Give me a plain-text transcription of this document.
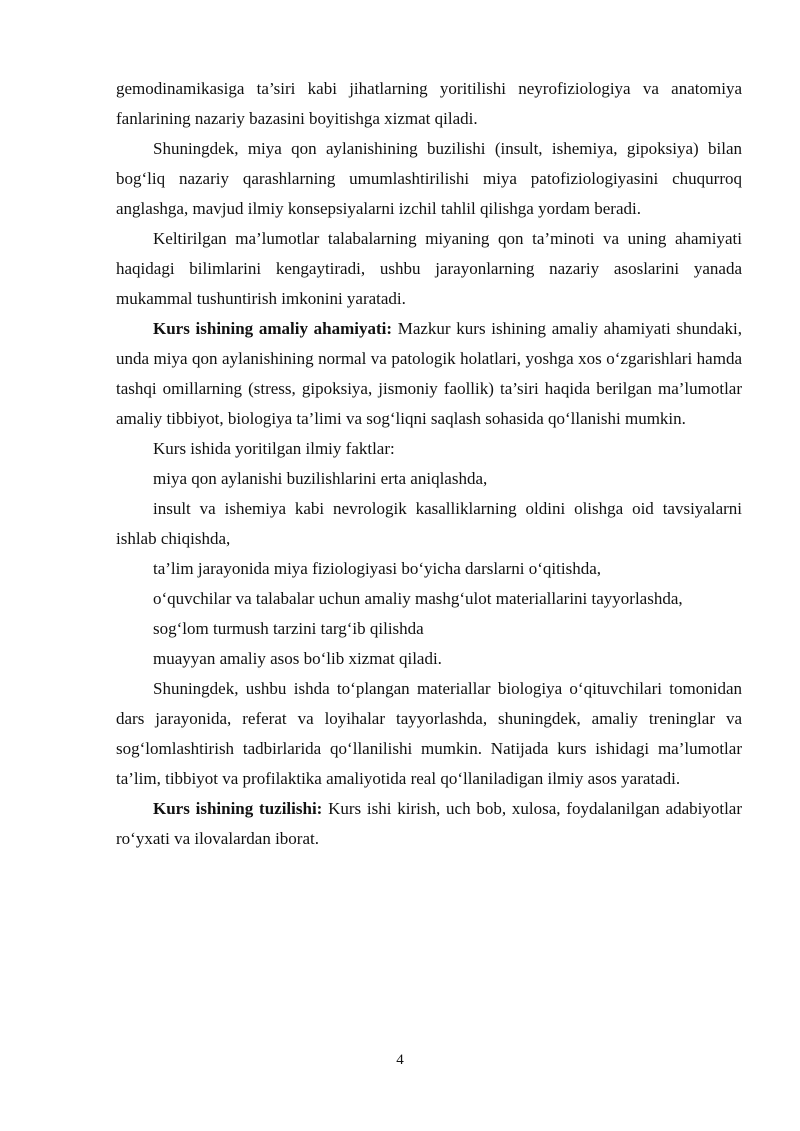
gemodinamikasiga ta’siri kabi jihatlarning yoritilishi neyrofiziologiya va anatomiya fanlarining nazariy bazasini boyitishga xizmat qiladi.

Shuningdek, miya qon aylanishining buzilishi (insult, ishemiya, gipoksiya) bilan bog‘liq nazariy qarashlarning umumlashtirilishi miya patofiziologiyasini chuqurroq anglashga, mavjud ilmiy konsepsiyalarni izchil tahlil qilishga yordam beradi.

Keltirilgan ma’lumotlar talabalarning miyaning qon ta’minoti va uning ahamiyati haqidagi bilimlarini kengaytiradi, ushbu jarayonlarning nazariy asoslarini yanada mukammal tushuntirish imkonini yaratadi.

Kurs ishining amaliy ahamiyati: Mazkur kurs ishining amaliy ahamiyati shundaki, unda miya qon aylanishining normal va patologik holatlari, yoshga xos o‘zgarishlari hamda tashqi omillarning (stress, gipoksiya, jismoniy faollik) ta’siri haqida berilgan ma’lumotlar amaliy tibbiyot, biologiya ta’limi va sog‘liqni saqlash sohasida qo‘llanishi mumkin.

Kurs ishida yoritilgan ilmiy faktlar:

miya qon aylanishi buzilishlarini erta aniqlashda,

insult va ishemiya kabi nevrologik kasalliklarning oldini olishga oid tavsiyalarni ishlab chiqishda,

ta’lim jarayonida miya fiziologiyasi bo‘yicha darslarni o‘qitishda,

o‘quvchilar va talabalar uchun amaliy mashg‘ulot materiallarini tayyorlashda,

sog‘lom turmush tarzini targ‘ib qilishda

muayyan amaliy asos bo‘lib xizmat qiladi.

Shuningdek, ushbu ishda to‘plangan materiallar biologiya o‘qituvchilari tomonidan dars jarayonida, referat va loyihalar tayyorlashda, shuningdek, amaliy treninglar va sog‘lomlashtirish tadbirlarida qo‘llanilishi mumkin. Natijada kurs ishidagi ma’lumotlar ta’lim, tibbiyot va profilaktika amaliyotida real qo‘llaniladigan ilmiy asos yaratadi.

Kurs ishining tuzilishi: Kurs ishi kirish, uch bob, xulosa, foydalanilgan adabiyotlar ro‘yxati va ilovalardan iborat.

4
